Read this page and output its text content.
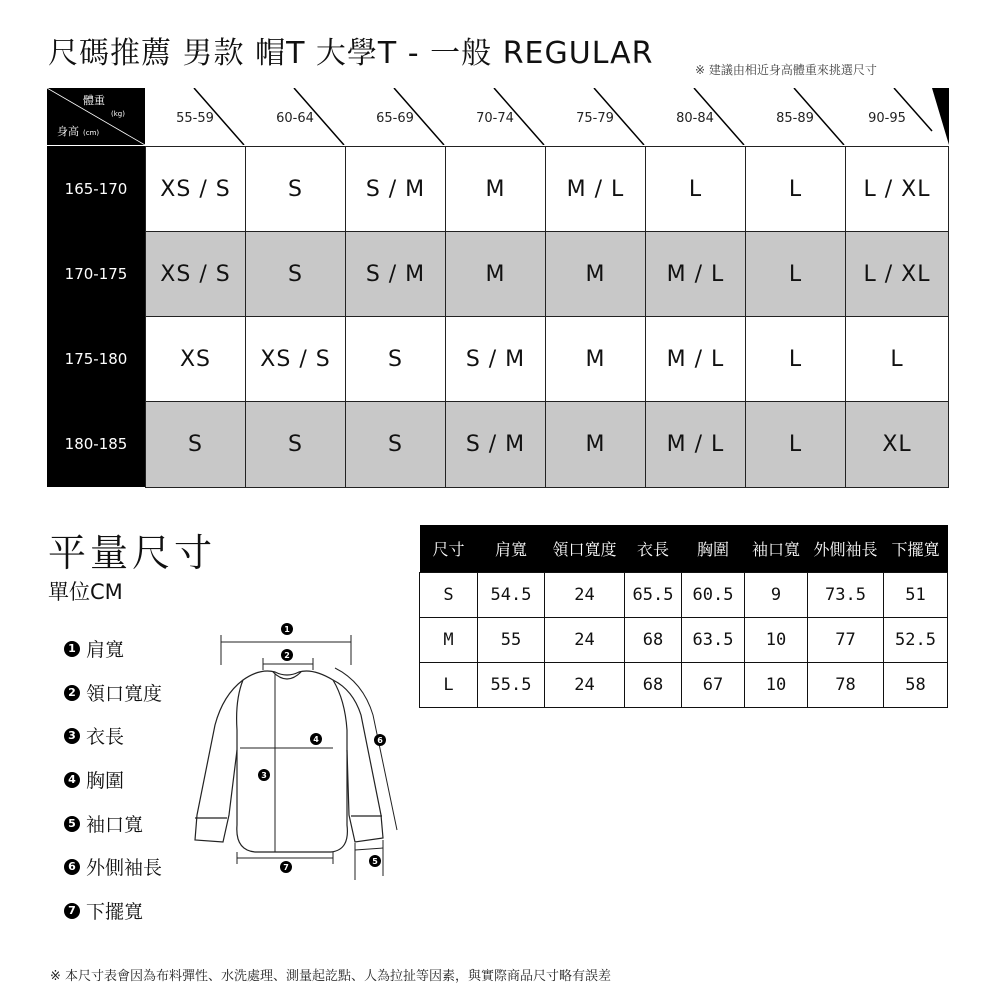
尺碼推薦 男款 帽T 大學T - 一般 REGULAR	※ 建議由相近身高體重來挑選尺寸
體重
(kg)
身高 (cm)
55-59	60-64	65-69	70-74	75-79	80-84	85-89	90-95
165-170	XS / S	S	S / M	M	M / L	L	L	L / XL
170-175	XS / S	S	S / M	M	M	M / L	L	L / XL
175-180	XS	XS / S	S	S / M	M	M / L	L	L
180-185	S	S	S	S / M	M	M / L	L	XL
平量尺寸
單位CM
1 肩寬
2 領口寬度
3 衣長
4 胸圍
5 袖口寬
6 外側袖長
7 下擺寬
1
2
3
4
5
6
7
尺寸	肩寬	領口寬度	衣長	胸圍	袖口寬	外側袖長	下擺寬
S	54.5	24	65.5	60.5	9	73.5	51
M	55	24	68	63.5	10	77	52.5
L	55.5	24	68	67	10	78	58
※ 本尺寸表會因為布料彈性、水洗處理、測量起訖點、人為拉扯等因素，與實際商品尺寸略有誤差
